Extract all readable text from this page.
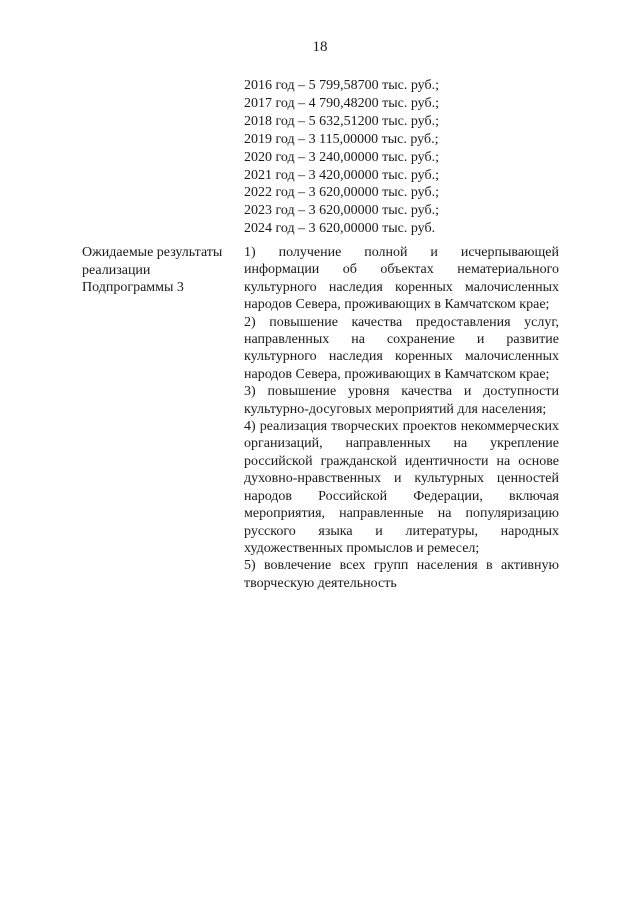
18
2016 год – 5 799,58700 тыс. руб.;
2017 год – 4 790,48200 тыс. руб.;
2018 год – 5 632,51200 тыс. руб.;
2019 год – 3 115,00000 тыс. руб.;
2020 год – 3 240,00000 тыс. руб.;
2021 год – 3 420,00000 тыс. руб.;
2022 год – 3 620,00000 тыс. руб.;
2023 год – 3 620,00000 тыс. руб.;
2024 год – 3 620,00000 тыс. руб.
Ожидаемые результаты
реализации
Подпрограммы 3
1) получение полной и исчерпывающей информации об объектах нематериального культурного наследия коренных малочисленных народов Севера, проживающих в Камчатском крае;
2) повышение качества предоставления услуг, направленных на сохранение и развитие культурного наследия коренных малочисленных народов Севера, проживающих в Камчатском крае;
3) повышение уровня качества и доступности культурно-досуговых мероприятий для населения;
4) реализация творческих проектов некоммерческих организаций, направленных на укрепление российской гражданской идентичности на основе духовно-нравственных и культурных ценностей народов Российской Федерации, включая мероприятия, направленные на популяризацию русского языка и литературы, народных художественных промыслов и ремесел;
5) вовлечение всех групп населения в активную творческую деятельность
